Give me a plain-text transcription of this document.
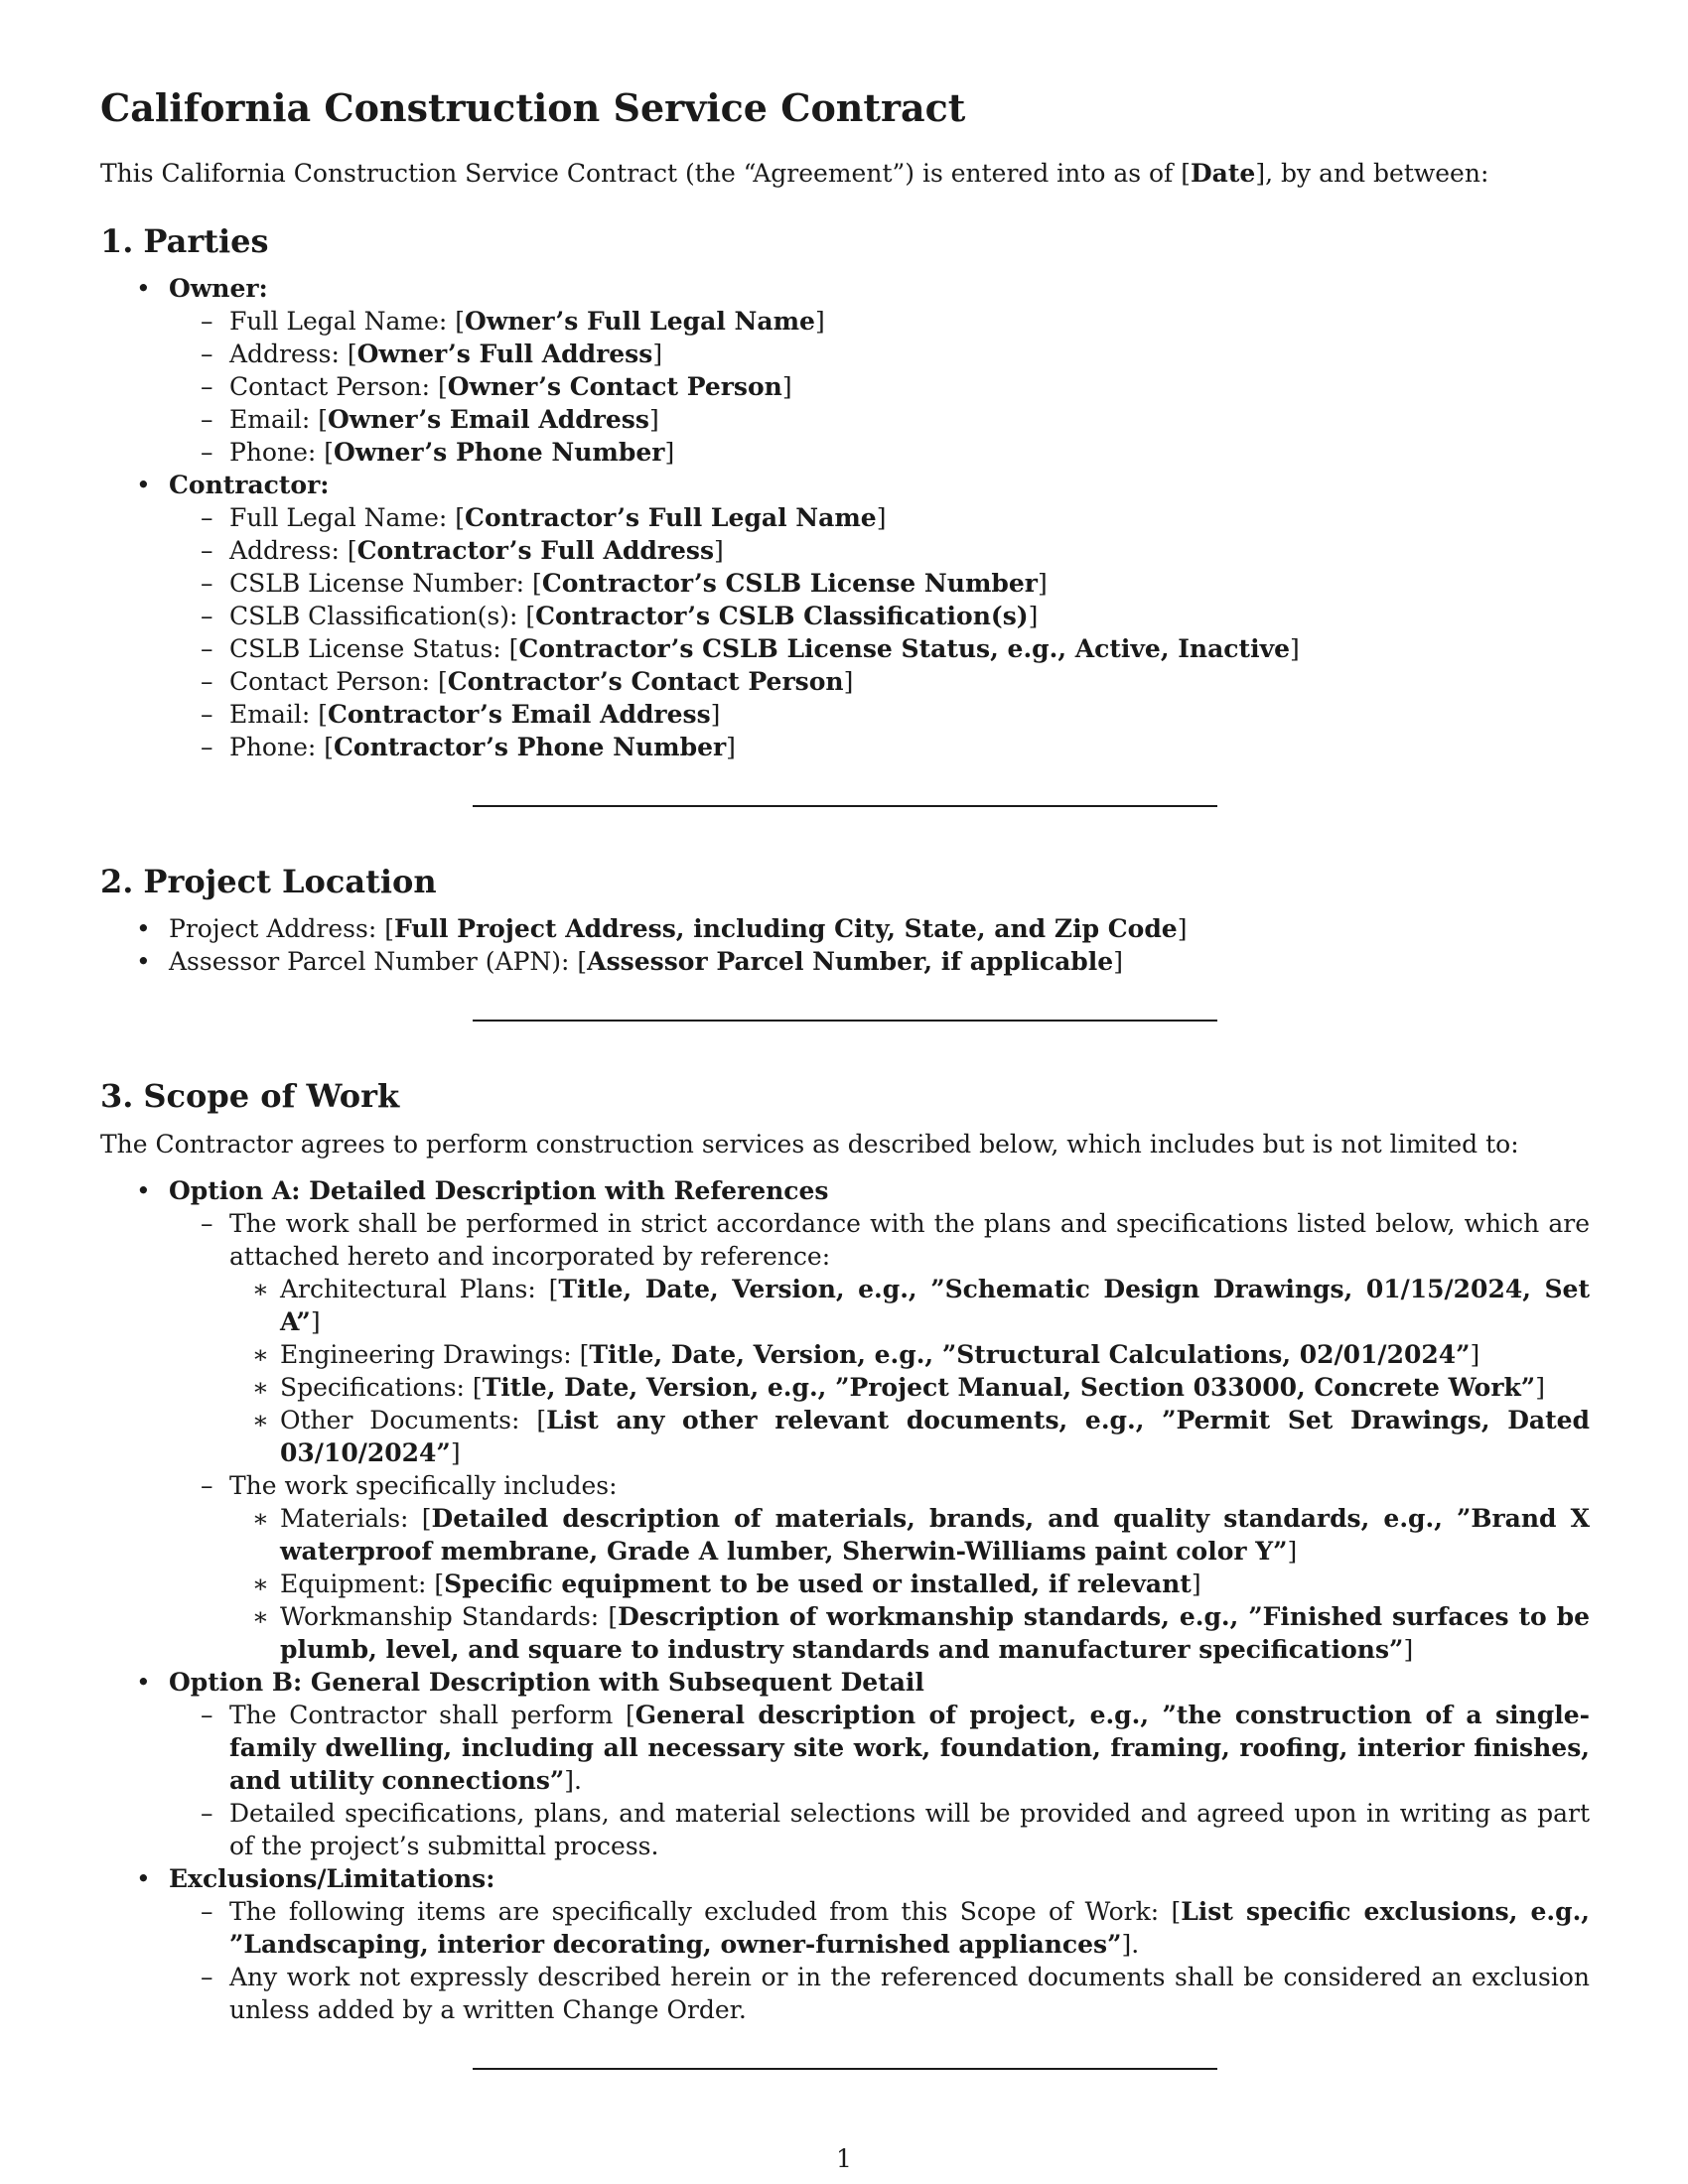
California Construction Service Contract

This California Construction Service Contract (the “Agreement”) is entered into as of [Date], by and between:

1. Parties
• Owner:
– Full Legal Name: [Owner’s Full Legal Name]
– Address: [Owner’s Full Address]
– Contact Person: [Owner’s Contact Person]
– Email: [Owner’s Email Address]
– Phone: [Owner’s Phone Number]
• Contractor:
– Full Legal Name: [Contractor’s Full Legal Name]
– Address: [Contractor’s Full Address]
– CSLB License Number: [Contractor’s CSLB License Number]
– CSLB Classification(s): [Contractor’s CSLB Classification(s)]
– CSLB License Status: [Contractor’s CSLB License Status, e.g., Active, Inactive]
– Contact Person: [Contractor’s Contact Person]
– Email: [Contractor’s Email Address]
– Phone: [Contractor’s Phone Number]
2. Project Location
• Project Address: [Full Project Address, including City, State, and Zip Code]
• Assessor Parcel Number (APN): [Assessor Parcel Number, if applicable]
3. Scope of Work

The Contractor agrees to perform construction services as described below, which includes but is not limited to:

• Option A: Detailed Description with References
– The work shall be performed in strict accordance with the plans and specifications listed below, which are attached hereto and incorporated by reference:
∗ Architectural Plans: [Title, Date, Version, e.g., ”Schematic Design Drawings, 01/15/2024, Set A”]
∗ Engineering Drawings: [Title, Date, Version, e.g., ”Structural Calculations, 02/01/2024”]
∗ Specifications: [Title, Date, Version, e.g., ”Project Manual, Section 033000, Concrete Work”]
∗ Other Documents: [List any other relevant documents, e.g., ”Permit Set Drawings, Dated 03/10/2024”]
– The work specifically includes:
∗ Materials: [Detailed description of materials, brands, and quality standards, e.g., ”Brand X waterproof membrane, Grade A lumber, Sherwin-Williams paint color Y”]
∗ Equipment: [Specific equipment to be used or installed, if relevant]
∗ Workmanship Standards: [Description of workmanship standards, e.g., ”Finished surfaces to be plumb, level, and square to industry standards and manufacturer specifications”]
• Option B: General Description with Subsequent Detail
– The Contractor shall perform [General description of project, e.g., ”the construction of a single-family dwelling, including all necessary site work, foundation, framing, roofing, interior finishes, and utility connections”].
– Detailed specifications, plans, and material selections will be provided and agreed upon in writing as part of the project’s submittal process.
• Exclusions/Limitations:
– The following items are specifically excluded from this Scope of Work: [List specific exclusions, e.g., ”Landscaping, interior decorating, owner-furnished appliances”].
– Any work not expressly described herein or in the referenced documents shall be considered an exclusion unless added by a written Change Order.
1
